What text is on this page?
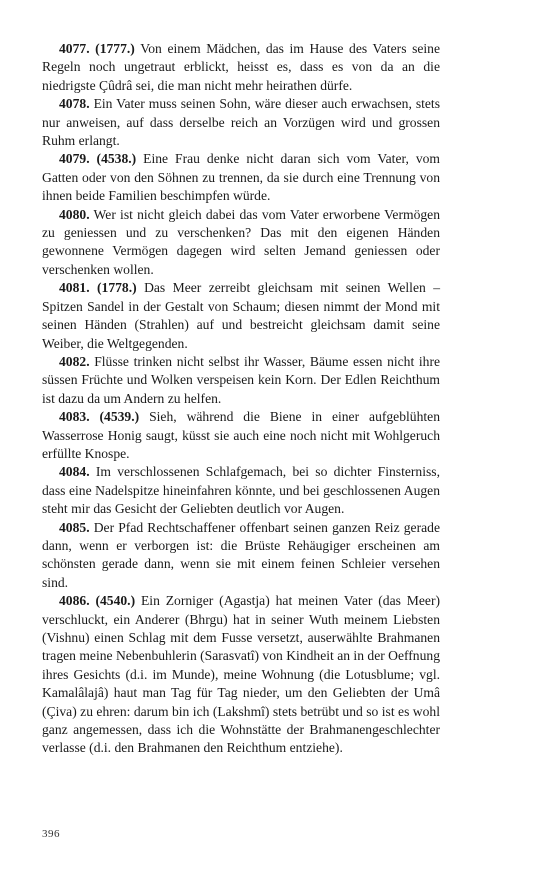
4077. (1777.) Von einem Mädchen, das im Hause des Vaters seine Regeln noch ungetraut erblickt, heisst es, dass es von da an die niedrigste Çûdrâ sei, die man nicht mehr heirathen dürfe.

4078. Ein Vater muss seinen Sohn, wäre dieser auch erwachsen, stets nur anweisen, auf dass derselbe reich an Vorzügen wird und grossen Ruhm erlangt.

4079. (4538.) Eine Frau denke nicht daran sich vom Vater, vom Gatten oder von den Söhnen zu trennen, da sie durch eine Trennung von ihnen beide Familien beschimpfen würde.

4080. Wer ist nicht gleich dabei das vom Vater erworbene Vermögen zu geniessen und zu verschenken? Das mit den eigenen Händen gewonnene Vermögen dagegen wird selten Jemand geniessen oder verschenken wollen.

4081. (1778.) Das Meer zerreibt gleichsam mit seinen Wellen – Spitzen Sandel in der Gestalt von Schaum; diesen nimmt der Mond mit seinen Händen (Strahlen) auf und bestreicht gleichsam damit seine Weiber, die Weltgegenden.

4082. Flüsse trinken nicht selbst ihr Wasser, Bäume essen nicht ihre süssen Früchte und Wolken verspeisen kein Korn. Der Edlen Reichthum ist dazu da um Andern zu helfen.

4083. (4539.) Sieh, während die Biene in einer aufgeblühten Wasserrose Honig saugt, küsst sie auch eine noch nicht mit Wohlgeruch erfüllte Knospe.

4084. Im verschlossenen Schlafgemach, bei so dichter Finsterniss, dass eine Nadelspitze hineinfahren könnte, und bei geschlossenen Augen steht mir das Gesicht der Geliebten deutlich vor Augen.

4085. Der Pfad Rechtschaffener offenbart seinen ganzen Reiz gerade dann, wenn er verborgen ist: die Brüste Rehäugiger erscheinen am schönsten gerade dann, wenn sie mit einem feinen Schleier versehen sind.

4086. (4540.) Ein Zorniger (Agastja) hat meinen Vater (das Meer) verschluckt, ein Anderer (Bhrgu) hat in seiner Wuth meinem Liebsten (Vishnu) einen Schlag mit dem Fusse versetzt, auserwählte Brahmanen tragen meine Nebenbuhlerin (Sarasvatî) von Kindheit an in der Oeffnung ihres Gesichts (d.i. im Munde), meine Wohnung (die Lotusblume; vgl. Kamalâlajâ) haut man Tag für Tag nieder, um den Geliebten der Umâ (Çiva) zu ehren: darum bin ich (Lakshmî) stets betrübt und so ist es wohl ganz angemessen, dass ich die Wohnstätte der Brahmanengeschlechter verlasse (d.i. den Brahmanen den Reichthum entziehe).

396
